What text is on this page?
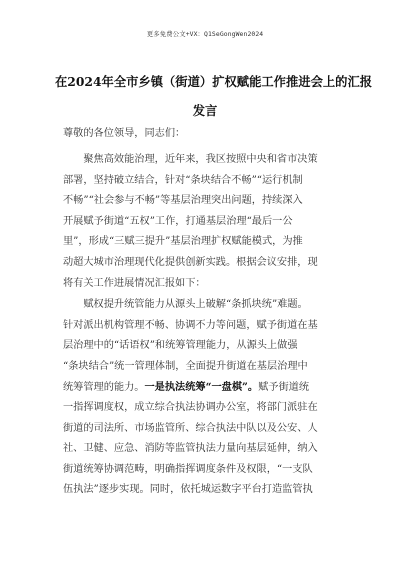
更多免费公文+VX：Q1SeGongWen2024
在2024年全市乡镇（街道）扩权赋能工作推进会上的汇报
发言

尊敬的各位领导，同志们：

　　聚焦高效能治理，近年来，我区按照中央和省市决策
部署，坚持破立结合，针对“条块结合不畅”“运行机制
不畅”“社会参与不畅”等基层治理突出问题，持续深入
开展赋予街道“五权”工作，打通基层治理“最后一公
里”，形成“三赋三提升”基层治理扩权赋能模式，为推
动超大城市治理现代化提供创新实践。根据会议安排，现
将有关工作进展情况汇报如下：

　　赋权提升统管能力从源头上破解“条抓块统”难题。
针对派出机构管理不畅、协调不力等问题，赋予街道在基
层治理中的“话语权”和统筹管理能力，从源头上做强
“条块结合”统一管理体制，全面提升街道在基层治理中
统筹管理的能力。一是执法统筹“一盘棋”。赋予街道统
一指挥调度权，成立综合执法协调办公室，将部门派驻在
街道的司法所、市场监管所、综合执法中队以及公安、人
社、卫健、应急、消防等监管执法力量向基层延伸，纳入
街道统筹协调范畴，明确指挥调度条件及权限，“一支队
伍执法”逐步实现。同时，依托城运数字平台打造监管执
